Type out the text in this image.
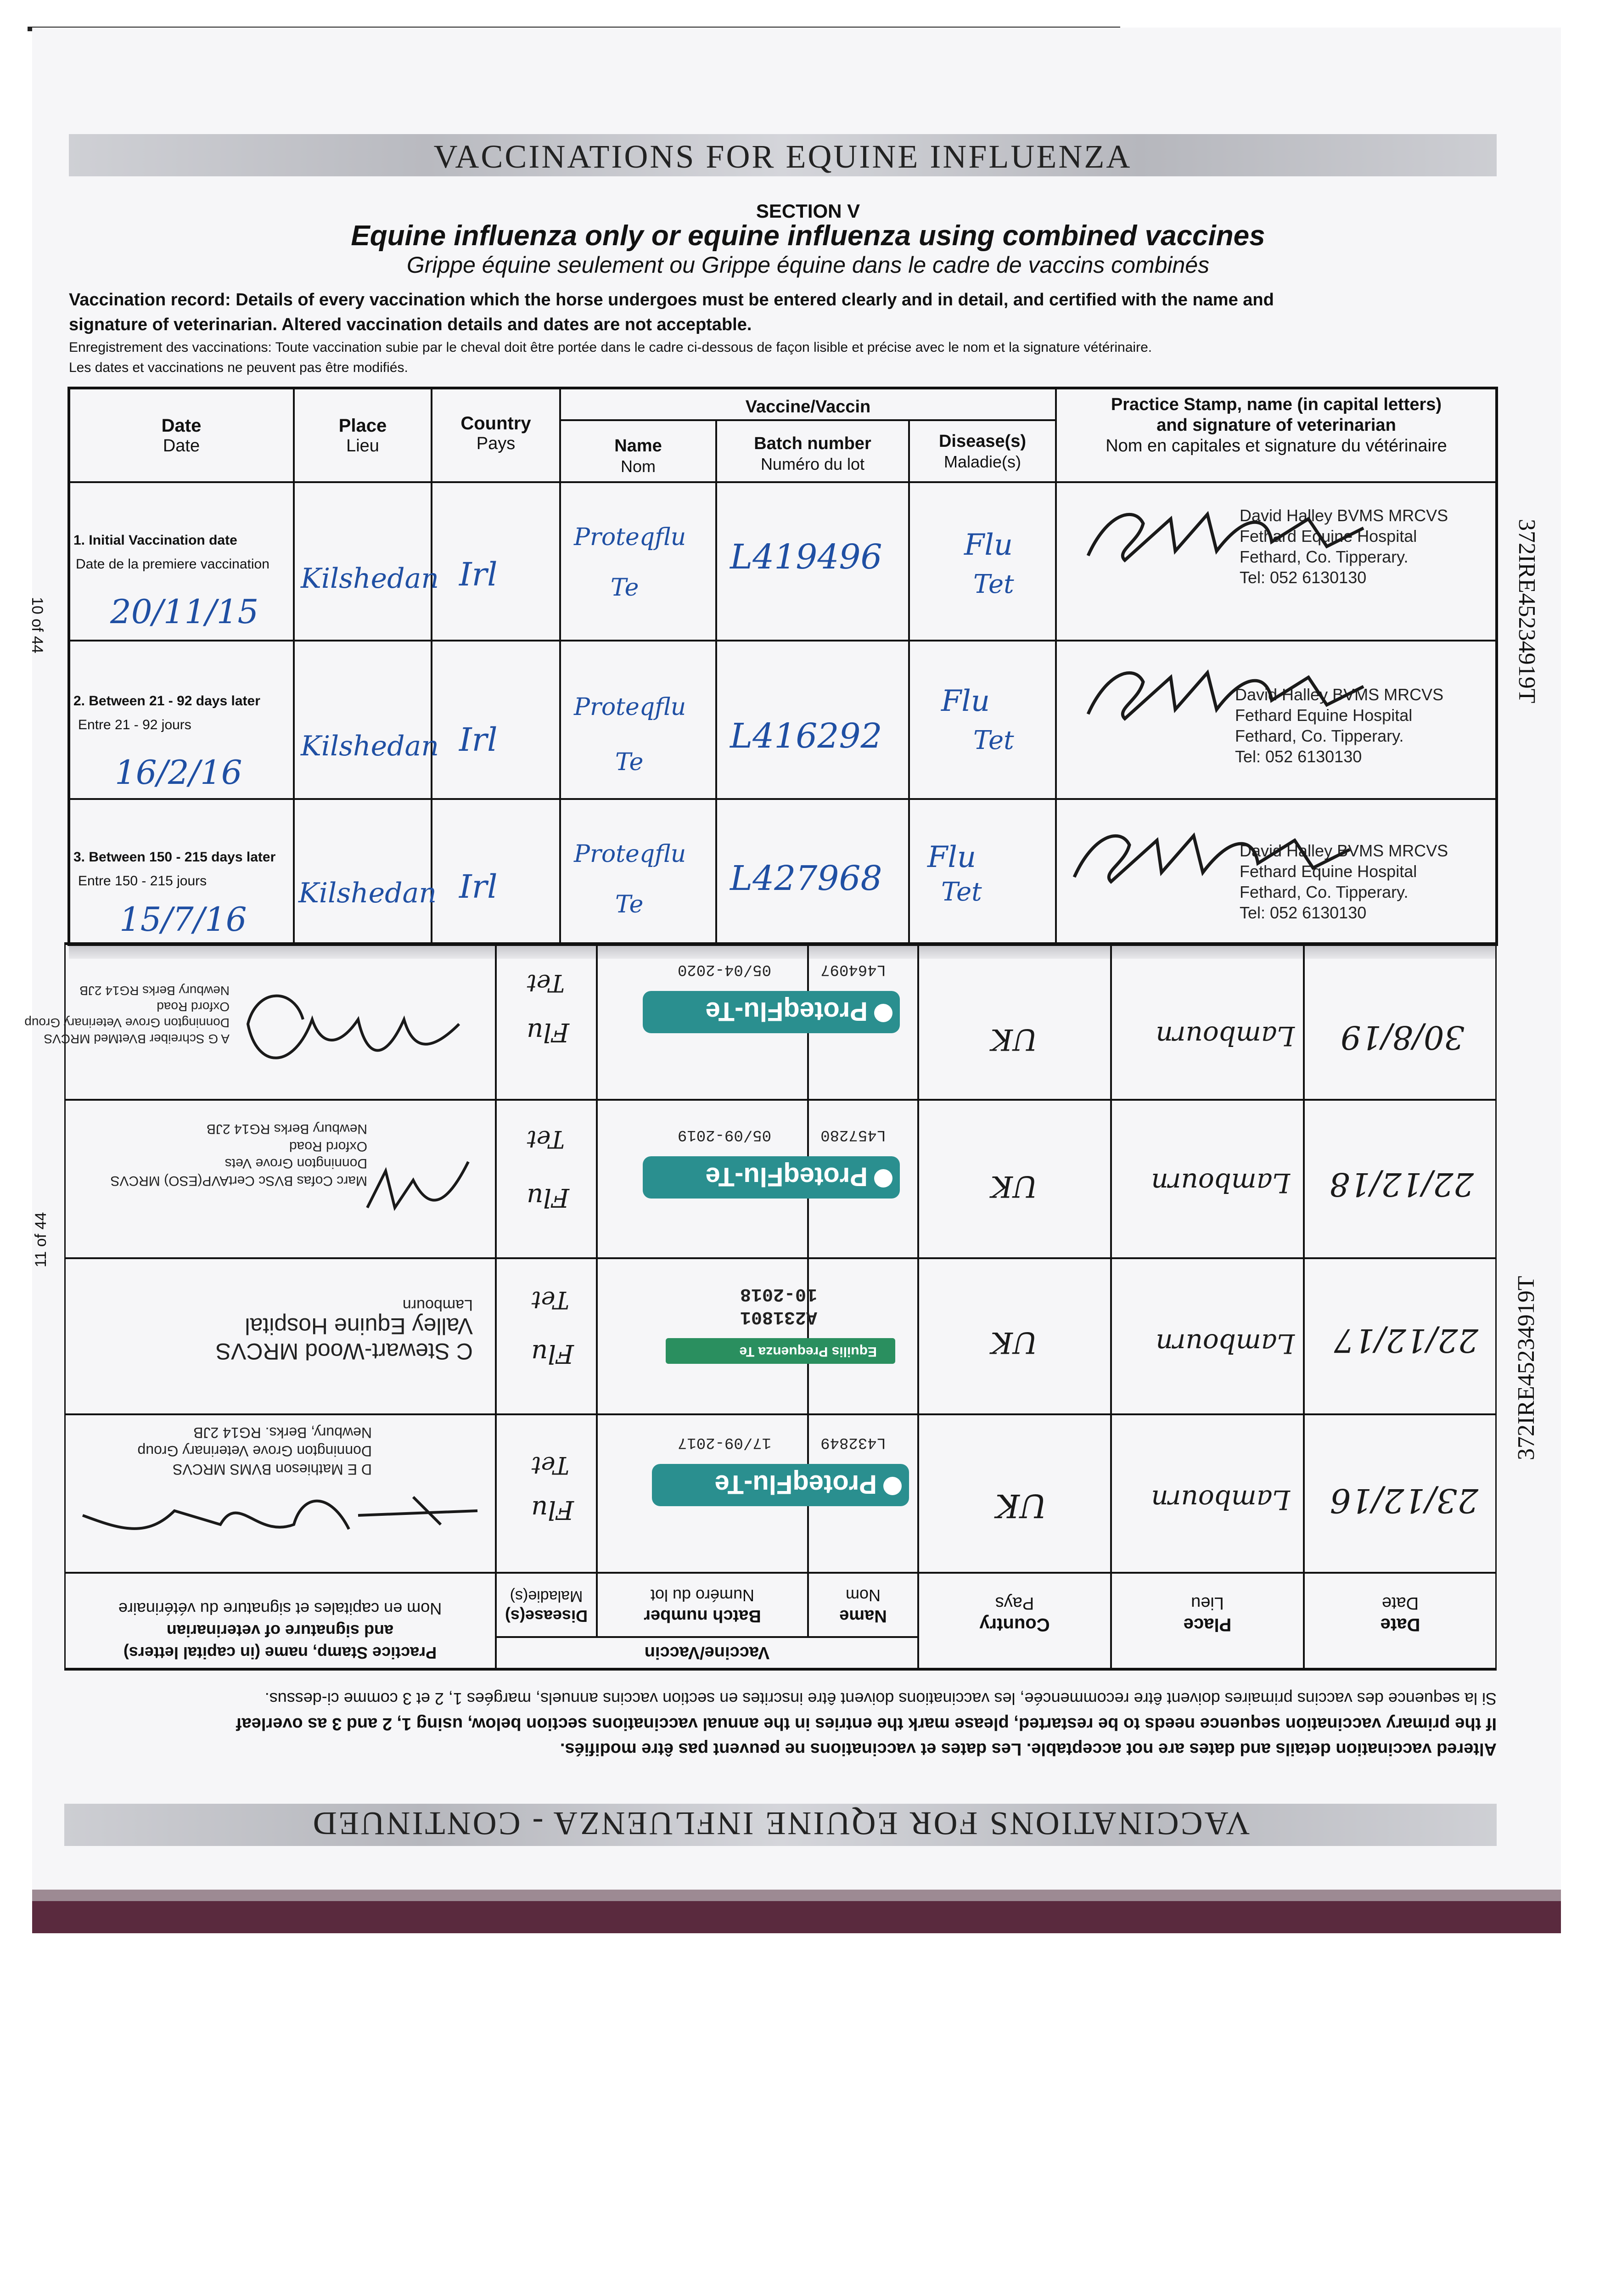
VACCINATIONS FOR EQUINE INFLUENZA
SECTION V
Equine influenza only or equine influenza using combined vaccines
Grippe équine seulement ou Grippe équine dans le cadre de vaccins combinés
Vaccination record: Details of every vaccination which the horse undergoes must be entered clearly and in detail, and certified with the name and
signature of veterinarian. Altered vaccination details and dates are not acceptable.
Enregistrement des vaccinations: Toute vaccination subie par le cheval doit être portée dans le cadre ci-dessous de façon lisible et précise avec le nom et la signature vétérinaire.
Les dates et vaccinations ne peuvent pas être modifiés.
Date
Date
Place
Lieu
Country
Pays
Vaccine/Vaccin
Name
Nom
Batch number
Numéro du lot
Disease(s)
Maladie(s)
Practice Stamp, name (in capital letters)
and signature of veterinarian
Nom en capitales et signature du vétérinaire
1. Initial Vaccination date
Date de la premiere vaccination
20/11/15
Kilshedan Irl
Proteqflu
Te
L419496	Flu
Tet
David Halley BVMS MRCVS
Fethard Equine Hospital
Fethard, Co. Tipperary.
Tel: 052 6130130
2. Between 21 - 92 days later
Entre 21 - 92 jours
16/2/16
Kilshedan Irl
Proteqflu
Te
L416292
Flu
Tet
David Halley BVMS MRCVS
Fethard Equine Hospital
Fethard, Co. Tipperary.
Tel: 052 6130130
3. Between 150 - 215 days later
Entre 150 - 215 jours
15/7/16
Kilshedan Irl
Proteqflu
Te
L427968
Flu
Tet
David Halley BVMS MRCVS
Fethard Equine Hospital
Fethard, Co. Tipperary.
Tel: 052 6130130
10 of 44	372IRE45234919T
VACCINATIONS FOR EQUINE INFLUENZA - CONTINUED
Altered vaccination details and dates are not acceptable. Les dates et vaccinations ne peuvent pas être modifiés.
If the primary vaccination sequence needs to be restarted, please mark the entries in the annual vaccinations section below, using 1, 2 and 3 as overleaf
Si la sequence des vaccins primaires doivent être recommencée, les vaccinations doivent être inscrites en section vaccins annuels, margées 1, 2 et 3 comme ci-dessus.
Date
Date
Place
Lieu
Country
Pays
Vaccine/Vaccin
Name
Nom
Batch number
Numéro du lot
Disease(s)
Maladie(s)
Practice Stamp, name (in capital letters)
and signature of veterinarian
Nom en capitales et signature du vétérinaire
23/12/16
Lambourn
UK
ProteqFlu-Te
L432849
17/09-2017
Flu
Tet
D E Mathieson BVMS MRCVS
Donnington Grove Veterinary Group
Newbury, Berks. RG14 2JB
22/12/17
Lambourn
UK
Equilis Prequenza Te
A231801
10-2018
Flu
Tet
C Stewart-Wood MRCVS
Valley Equine Hospital
Lambourn
22/12/18
Lambourn
UK
ProteqFlu-Te
L457280
05/09-2019
Flu
Tet
Marc Cofas BVSc CertAVP(ESO) MRCVS
Donnington Grove Vets
Oxford Road
Newbury Berks RG14 2JB
30/8/19
Lambourn
UK
ProteqFlu-Te
L464097
05/04-2020
Flu
Tet
A G Schreiber BVetMed MRCVS
Donnington Grove Veterinary Group
Oxford Road
Newbury Berks RG14 2JB
372IRE45234919T
11 of 44
